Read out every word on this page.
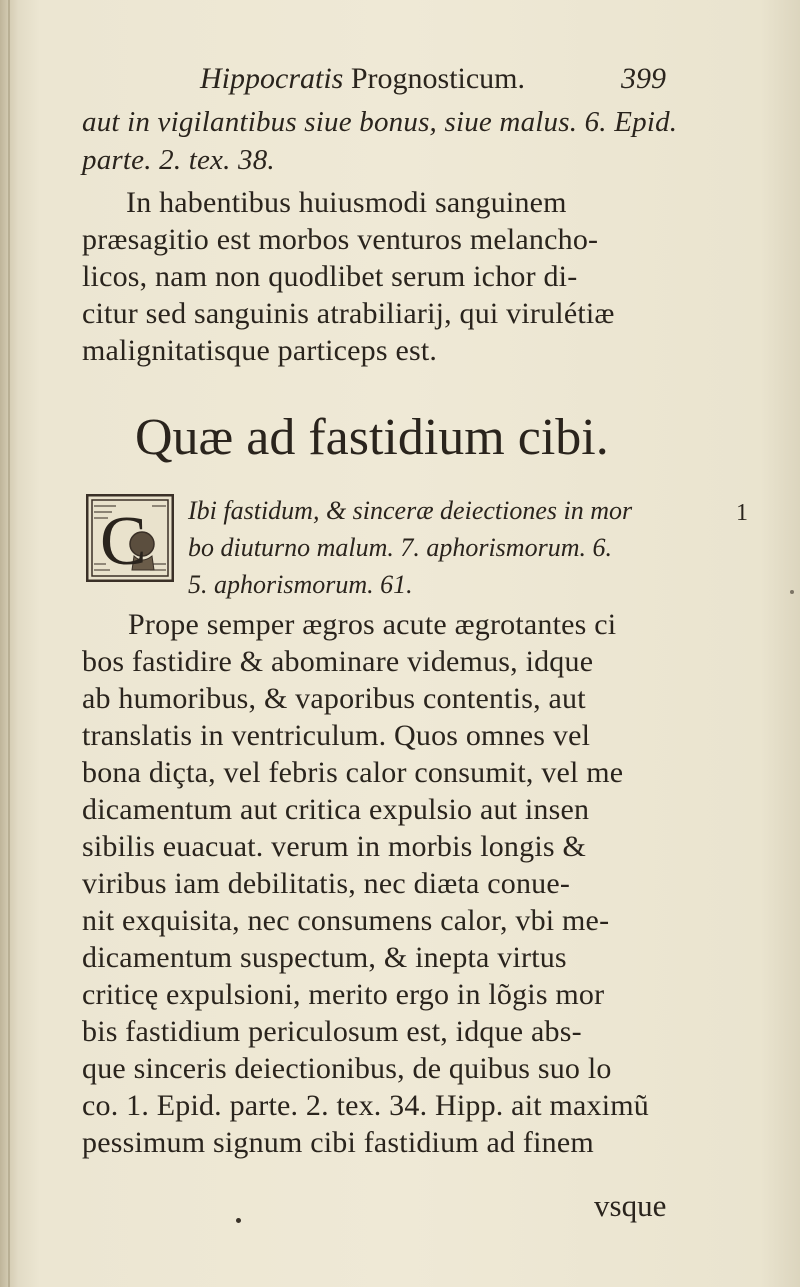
Hippocratis Prognosticum.	399
aut in vigilantibus siue bonus, siue malus. 6. Epid.
parte. 2. tex. 38.
In habentibus huiusmodi sanguinem
præsagitio est morbos venturos melancho-
licos, nam non quodlibet serum ichor di-
citur sed sanguinis atrabiliarij, qui virulétiæ
malignitatisque particeps est.
Quæ ad fastidium cibi.
C Ibi fastidum, & sinceræ deiectiones in mor
bo diuturno malum. 7. aphorismorum. 6.
5. aphorismorum. 61.
1
Prope semper ægros acute ægrotantes ci
bos fastidire & abominare videmus, idque
ab humoribus, & vaporibus contentis, aut
translatis in ventriculum. Quos omnes vel
bona diçta, vel febris calor consumit, vel me
dicamentum aut critica expulsio aut insen
sibilis euacuat. verum in morbis longis &
viribus iam debilitatis, nec diæta conue-
nit exquisita, nec consumens calor, vbi me-
dicamentum suspectum, & inepta virtus
criticę expulsioni, merito ergo in lõgis mor
bis fastidium periculosum est, idque abs-
que sinceris deiectionibus, de quibus suo lo
co. 1. Epid. parte. 2. tex. 34. Hipp. ait maximũ
pessimum signum cibi fastidium ad finem
vsque
